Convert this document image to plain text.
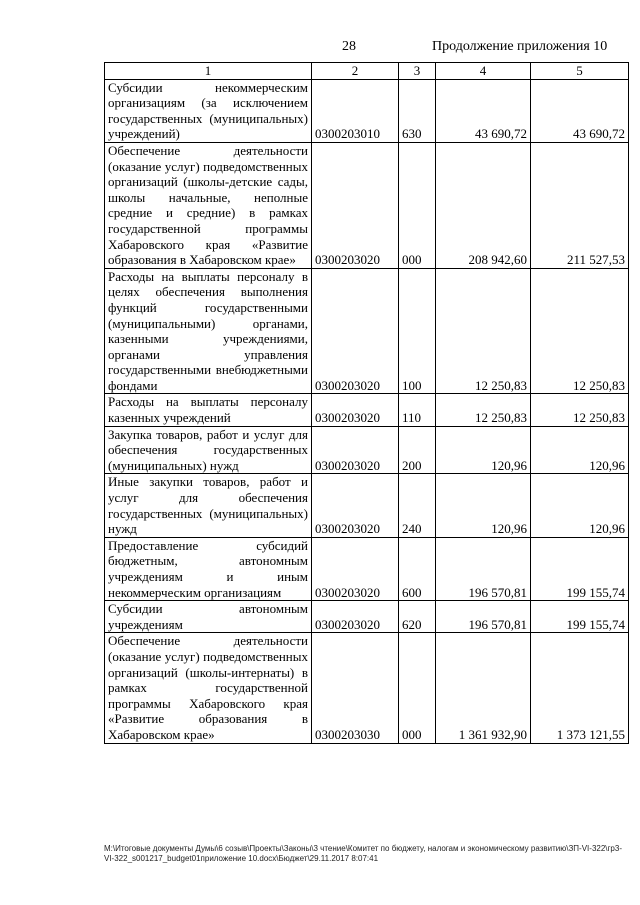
28	Продолжение приложения 10
1	2	3	4	5
Субсидии некоммерческим организациям (за исключением государственных (муниципальных) учреждений)	0300203010	630	43 690,72	43 690,72
Обеспечение деятельности (оказание услуг) подведомственных организаций (школы-детские сады, школы начальные, неполные средние и средние) в рамках государственной программы Хабаровского края «Развитие образования в Хабаровском крае»	0300203020	000	208 942,60	211 527,53
Расходы на выплаты персоналу в целях обеспечения выполнения функций государственными (муниципальными) органами, казенными учреждениями, органами управления государственными внебюджетными фондами	0300203020	100	12 250,83	12 250,83
Расходы на выплаты персоналу казенных учреждений	0300203020	110	12 250,83	12 250,83
Закупка товаров, работ и услуг для обеспечения государственных (муниципальных) нужд	0300203020	200	120,96	120,96
Иные закупки товаров, работ и услуг для обеспечения государственных (муниципальных) нужд	0300203020	240	120,96	120,96
Предоставление субсидий бюджетным, автономным учреждениям и иным некоммерческим организациям	0300203020	600	196 570,81	199 155,74
Субсидии автономным учреждениям	0300203020	620	196 570,81	199 155,74
Обеспечение деятельности (оказание услуг) подведомственных организаций (школы-интернаты) в рамках государственной программы Хабаровского края «Развитие образования в Хабаровском крае»	0300203030	000	1 361 932,90	1 373 121,55
M:\Итоговые документы Думы\6 созыв\Проекты\Законы\3 чтение\Комитет по бюджету, налогам и экономическому развитию\ЗП-VI-322\гр3-VI-322_s001217_budget01приложение 10.docx\Бюджет\29.11.2017 8:07:41
